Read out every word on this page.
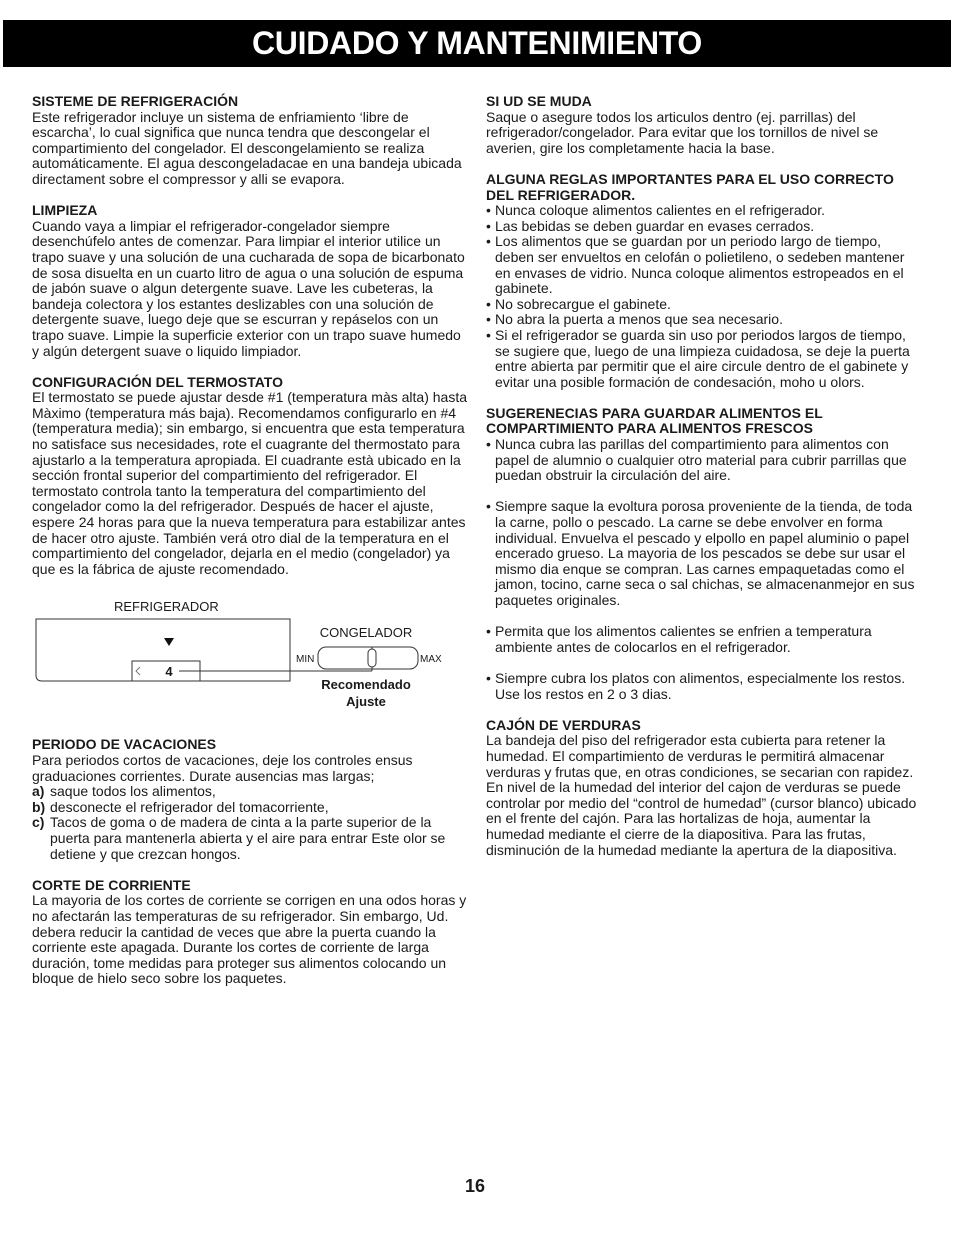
CUIDADO Y MANTENIMIENTO
SISTEME DE REFRIGERACIÓN

Este refrigerador incluye un sistema de enfriamiento ‘libre de escarcha’, lo cual significa que nunca tendra que descongelar el compartimiento del congelador. El descongelamiento se realiza automáticamente. El agua descongeladacae en una bandeja ubicada directament sobre el compressor y alli se evapora.

LIMPIEZA

Cuando vaya a limpiar el refrigerador-congelador siempre desenchúfelo antes de comenzar. Para limpiar el interior utilice un trapo suave y una solución de una cucharada de sopa de bicarbonato de sosa disuelta en un cuarto litro de agua o una solución de espuma de jabón suave o algun detergente suave. Lave les cubeteras, la bandeja colectora y los estantes deslizables con una solución de detergente suave, luego deje que se escurran y repáselos con un trapo suave. Limpie la superficie exterior con un trapo suave humedo y algún detergent suave o liquido limpiador.

CONFIGURACIÓN DEL TERMOSTATO

El termostato se puede ajustar desde #1 (temperatura màs alta) hasta Màximo (temperatura más baja). Recomendamos configurarlo en #4 (temperatura media); sin embargo, si encuentra que esta temperatura no satisface sus necesidades, rote el cuagrante del thermostato para ajustarlo a la temperatura apropiada. El cuadrante està ubicado en la sección frontal superior del compartimiento del refrigerador. El termostato controla tanto la temperatura del compartimiento del congelador como la del refrigerador. Después de hacer el ajuste, espere 24 horas para que la nueva temperatura para estabilizar antes de hacer otro ajuste. También verá otro dial de la temperatura en el compartimiento del congelador, dejarla en el medio (congelador) ya que es la fábrica de ajuste recomendado.

REFRIGERADOR
4
CONGELADOR
MIN	MAX
Recomendado
Ajuste
PERIODO DE VACACIONES

Para periodos cortos de vacaciones, deje los controles ensus graduaciones corrientes. Durate ausencias mas largas;

a) saque todos los alimentos,
b) desconecte el refrigerador del tomacorriente,
c) Tacos de goma o de madera de cinta a la parte superior de la puerta para mantenerla abierta y el aire para entrar Este olor se detiene y que crezcan hongos.
CORTE DE CORRIENTE

La mayoria de los cortes de corriente se corrigen en una odos horas y no afectarán las temperaturas de su refrigerador. Sin embargo, Ud. debera reducir la cantidad de veces que abre la puerta cuando la corriente este apagada. Durante los cortes de corriente de larga duración, tome medidas para proteger sus alimentos colocando un bloque de hielo seco sobre los paquetes.

SI UD SE MUDA

Saque o asegure todos los articulos dentro (ej. parrillas) del refrigerador/congelador. Para evitar que los tornillos de nivel se averien, gire los completamente hacia la base.

ALGUNA REGLAS IMPORTANTES PARA EL USO CORRECTO DEL REFRIGERADOR.
• Nunca coloque alimentos calientes en el refrigerador.
• Las bebidas se deben guardar en evases cerrados.
• Los alimentos que se guardan por un periodo largo de tiempo, deben ser envueltos en celofán o polietileno, o sedeben mantener en envases de vidrio. Nunca coloque alimentos estropeados en el gabinete.
• No sobrecargue el gabinete.
• No abra la puerta a menos que sea necesario.
• Si el refrigerador se guarda sin uso por periodos largos de tiempo, se sugiere que, luego de una limpieza cuidadosa, se deje la puerta entre abierta par permitir que el aire circule dentro de el gabinete y evitar una posible formación de condesación, moho u olors.
SUGERENECIAS PARA GUARDAR ALIMENTOS EL COMPARTIMIENTO PARA ALIMENTOS FRESCOS
• Nunca cubra las parillas del compartimiento para alimentos con papel de alumnio o cualquier otro material para cubrir parrillas que puedan obstruir la circulación del aire.
• Siempre saque la evoltura porosa proveniente de la tienda, de toda la carne, pollo o pescado. La carne se debe envolver en forma individual. Envuelva el pescado y elpollo en papel aluminio o papel encerado grueso. La mayoria de los pescados se debe sur usar el mismo dia enque se compran. Las carnes empaquetadas como el jamon, tocino, carne seca o sal chichas, se almacenanmejor en sus paquetes originales.
• Permita que los alimentos calientes se enfrien a temperatura ambiente antes de colocarlos en el refrigerador.
• Siempre cubra los platos con alimentos, especialmente los restos. Use los restos en 2 o 3 dias.
CAJÓN DE VERDURAS

La bandeja del piso del refrigerador esta cubierta para retener la humedad. El compartimiento de verduras le permitirá almacenar verduras y frutas que, en otras condiciones, se secarian con rapidez. En nivel de la humedad del interior del cajon de verduras se puede controlar por medio del “control de humedad” (cursor blanco) ubicado en el frente del cajón. Para las hortalizas de hoja, aumentar la humedad mediante el cierre de la diapositiva. Para las frutas, disminución de la humedad mediante la apertura de la diapositiva.

16
